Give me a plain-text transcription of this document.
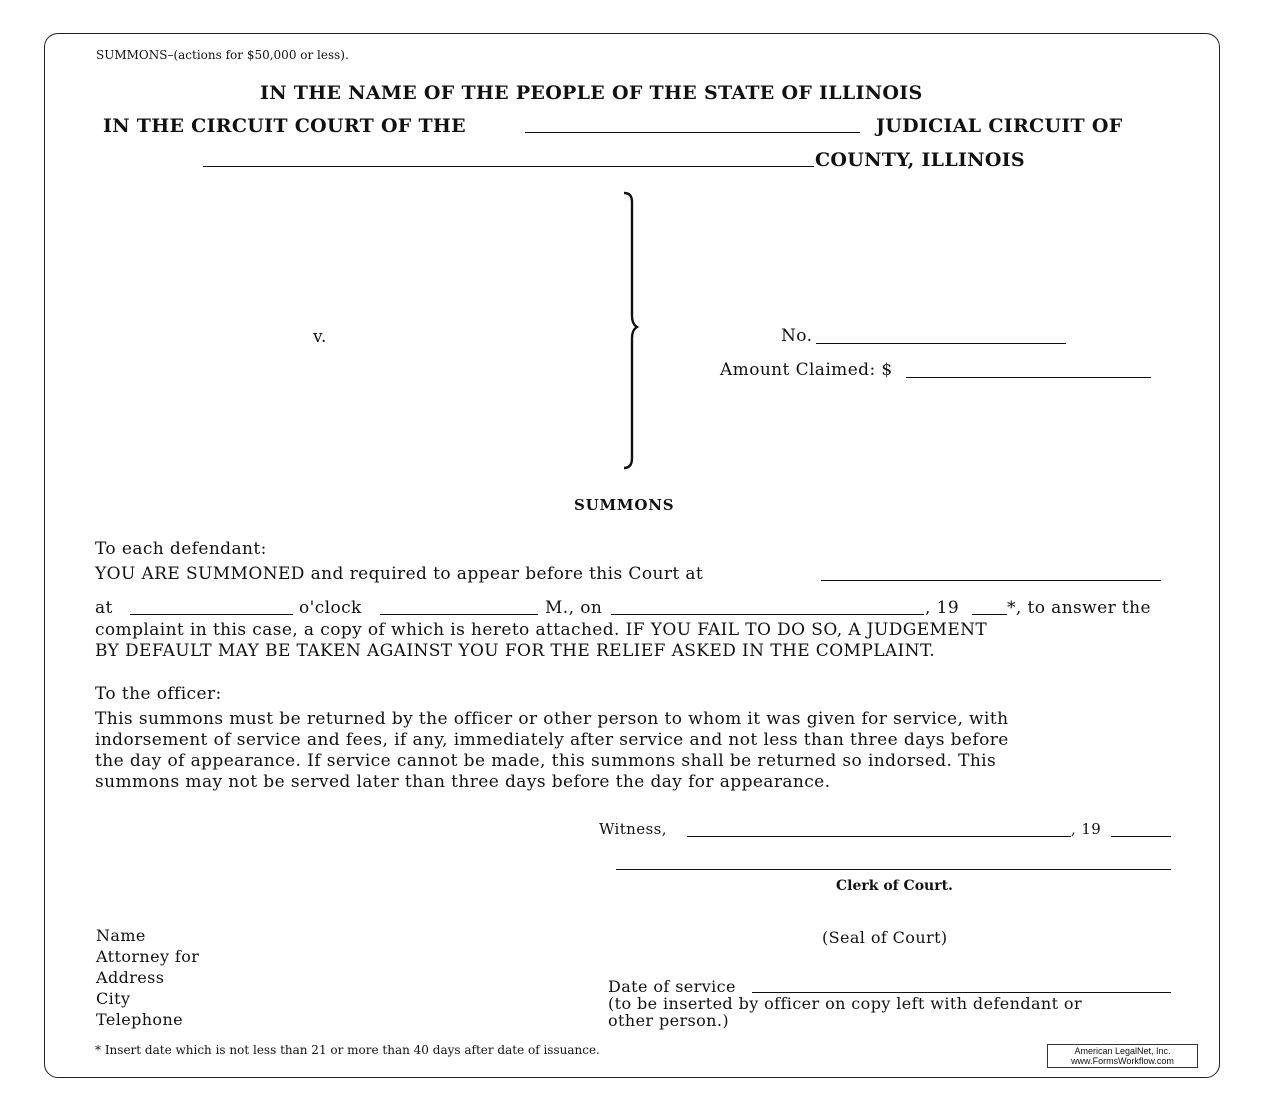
SUMMONS–(actions for $50,000 or less).
IN THE NAME OF THE PEOPLE OF THE STATE OF ILLINOIS
IN THE CIRCUIT COURT OF THE	JUDICIAL CIRCUIT OF
COUNTY, ILLINOIS
v.	No.
Amount Claimed: $
SUMMONS
To each defendant:
YOU ARE SUMMONED and required to appear before this Court at
at	o'clock	M., on	, 19	*, to answer the
complaint in this case, a copy of which is hereto attached. IF YOU FAIL TO DO SO, A JUDGEMENT
BY DEFAULT MAY BE TAKEN AGAINST YOU FOR THE RELIEF ASKED IN THE COMPLAINT.
To the officer:
This summons must be returned by the officer or other person to whom it was given for service, with
indorsement of service and fees, if any, immediately after service and not less than three days before
the day of appearance. If service cannot be made, this summons shall be returned so indorsed. This
summons may not be served later than three days before the day for appearance.
Witness,	, 19
Clerk of Court.
(Seal of Court)
Name
Attorney for
Address
City
Telephone
Date of service
(to be inserted by officer on copy left with defendant or
other person.)
* Insert date which is not less than 21 or more than 40 days after date of issuance.	American LegalNet, Inc.
www.FormsWorkflow.com
